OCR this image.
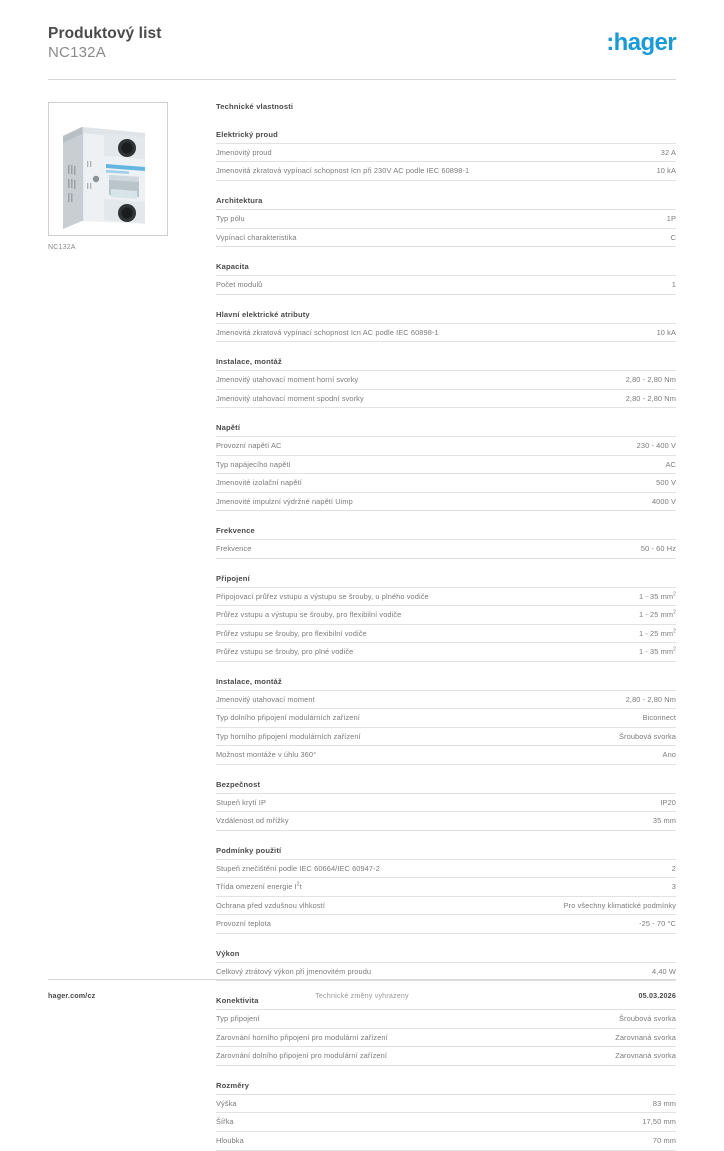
Produktový list
NC132A	:hager
NC132A
Technické vlastnosti
Elektrický proud
Jmenovitý proud	32 A
Jmenovitá zkratová vypínací schopnost Icn při 230V AC podle IEC 60898-1	10 kA
Architektura
Typ pólu	1P
Vypínací charakteristika	C
Kapacita
Počet modulů	1
Hlavní elektrické atributy
Jmenovitá zkratová vypínací schopnost Icn AC podle IEC 60898-1	10 kA
Instalace, montáž
Jmenovitý utahovací moment horní svorky	2,80 - 2,80 Nm
Jmenovitý utahovací moment spodní svorky	2,80 - 2,80 Nm
Napětí
Provozní napětí AC	230 - 400 V
Typ napájecího napětí	AC
Jmenovité izolační napětí	500 V
Jmenovité impulzní výdržné napětí Uimp	4000 V
Frekvence
Frekvence	50 - 60 Hz
Připojení
Připojovací průřez vstupu a výstupu se šrouby, u plného vodiče	1 - 35 $mm^2$
Průřez vstupu a výstupu se šrouby, pro flexibilní vodiče	1 - 25 $mm^2$
Průřez vstupu se šrouby, pro flexibilní vodiče	1 - 25 $mm^2$
Průřez vstupu se šrouby, pro plné vodiče	1 - 35 $mm^2$
Instalace, montáž
Jmenovitý utahovací moment	2,80 - 2,80 Nm
Typ dolního připojení modulárních zařízení	Biconnect
Typ horního připojení modulárních zařízení	Šroubová svorka
Možnost montáže v úhlu 360°	Ano
Bezpečnost
Stupeň krytí IP	IP20
Vzdálenost od mřížky	35 mm
Podmínky použití
Stupeň znečištění podle IEC 60664/IEC 60947-2	2
Třída omezení energie $I^2t$	3
Ochrana před vzdušnou vlhkostí	Pro všechny klimatické podmínky
Provozní teplota	-25 - 70 °C
Výkon
Celkový ztrátový výkon při jmenovitém proudu	4,40 W
Konektivita
Typ připojení	Šroubová svorka
Zarovnání horního připojení pro modulární zařízení	Zarovnaná svorka
Zarovnání dolního připojení pro modulární zařízení	Zarovnaná svorka
Rozměry
Výška	83 mm
Šířka	17,50 mm
Hloubka	70 mm
hager.com/cz	Technické změny vyhrazeny	05.03.2026
